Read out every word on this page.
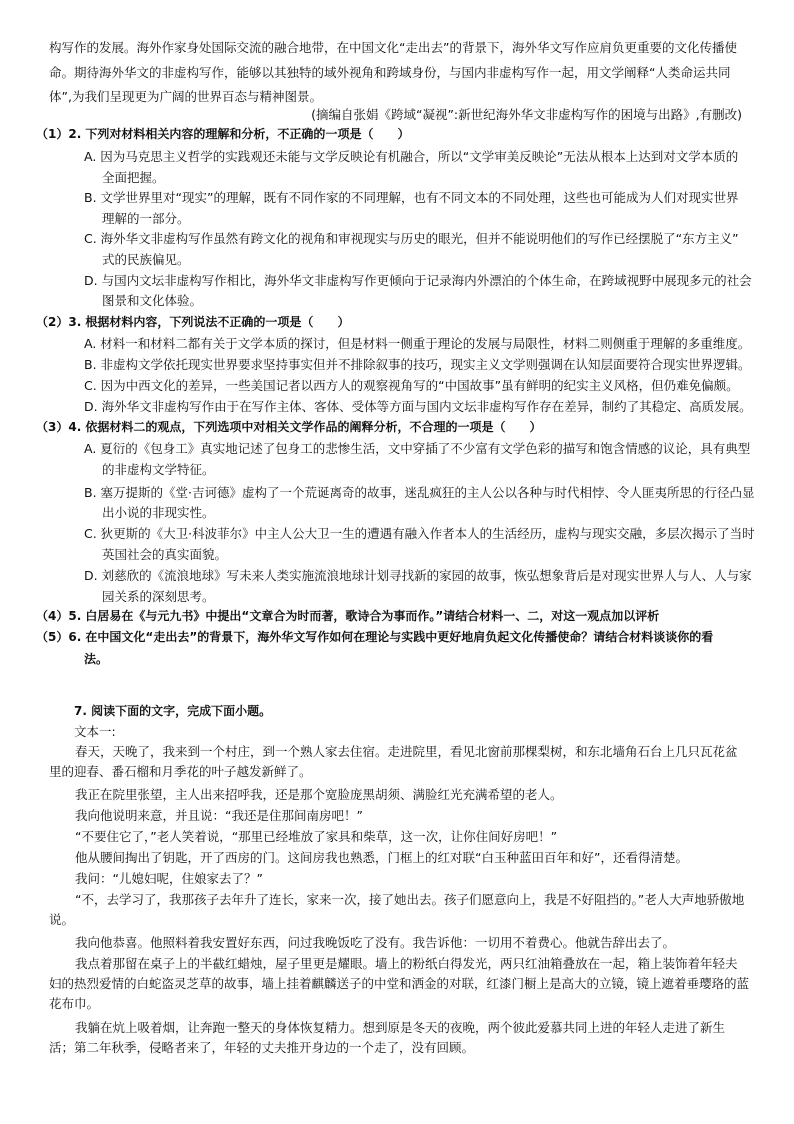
构写作的发展。海外作家身处国际交流的融合地带，在中国文化“走出去”的背景下，海外华文写作应肩负更重要的文化传播使
命。期待海外华文的非虚构写作，能够以其独特的域外视角和跨域身份，与国内非虚构写作一起，用文学阐释“人类命运共同
体”,为我们呈现更为广阔的世界百态与精神图景。
(摘编自张娟《跨域“凝视”:新世纪海外华文非虚构写作的困境与出路》,有删改)
（1）2. 下列对材料相关内容的理解和分析，不正确的一项是（　　）
A. 因为马克思主义哲学的实践观还未能与文学反映论有机融合，所以“文学审美反映论”无法从根本上达到对文学本质的
全面把握。
B. 文学世界里对“现实”的理解，既有不同作家的不同理解，也有不同文本的不同处理，这些也可能成为人们对现实世界
理解的一部分。
C. 海外华文非虚构写作虽然有跨文化的视角和审视现实与历史的眼光，但并不能说明他们的写作已经摆脱了“东方主义”
式的民族偏见。
D. 与国内文坛非虚构写作相比，海外华文非虚构写作更倾向于记录海内外漂泊的个体生命，在跨域视野中展现多元的社会
图景和文化体验。
（2）3. 根据材料内容，下列说法不正确的一项是（　　）
A. 材料一和材料二都有关于文学本质的探讨，但是材料一侧重于理论的发展与局限性，材料二则侧重于理解的多重维度。
B. 非虚构文学依托现实世界要求坚持事实但并不排除叙事的技巧，现实主义文学则强调在认知层面要符合现实世界逻辑。
C. 因为中西文化的差异，一些美国记者以西方人的观察视角写的“中国故事”虽有鲜明的纪实主义风格，但仍难免偏颇。
D. 海外华文非虚构写作由于在写作主体、客体、受体等方面与国内文坛非虚构写作存在差异，制约了其稳定、高质发展。
（3）4. 依据材料二的观点，下列选项中对相关文学作品的阐释分析，不合理的一项是（　　）
A. 夏衍的《包身工》真实地记述了包身工的悲惨生活，文中穿插了不少富有文学色彩的描写和饱含情感的议论，具有典型
的非虚构文学特征。
B. 塞万提斯的《堂·吉诃德》虚构了一个荒诞离奇的故事，迷乱疯狂的主人公以各种与时代相悖、令人匪夷所思的行径凸显
出小说的非现实性。
C. 狄更斯的《大卫·科波菲尔》中主人公大卫一生的遭遇有融入作者本人的生活经历，虚构与现实交融，多层次揭示了当时
英国社会的真实面貌。
D. 刘慈欣的《流浪地球》写未来人类实施流浪地球计划寻找新的家园的故事，恢弘想象背后是对现实世界人与人、人与家
园关系的深刻思考。
（4）5. 白居易在《与元九书》中提出“文章合为时而著，歌诗合为事而作。”请结合材料一、二，对这一观点加以评析
（5）6. 在中国文化“走出去”的背景下，海外华文写作如何在理论与实践中更好地肩负起文化传播使命？请结合材料谈谈你的看
法。
7. 阅读下面的文字，完成下面小题。
文本一:
春天，天晚了，我来到一个村庄，到一个熟人家去住宿。走进院里，看见北窗前那棵梨树，和东北墙角石台上几只瓦花盆里的迎春、番石榴和月季花的叶子越发新鲜了。
我正在院里张望，主人出来招呼我，还是那个宽脸庞黑胡须、满脸红光充满希望的老人。
我向他说明来意，并且说：“我还是住那间南房吧！”
“不要住它了，”老人笑着说，“那里已经堆放了家具和柴草，这一次，让你住间好房吧！”
他从腰间掏出了钥匙，开了西房的门。这间房我也熟悉，门框上的红对联“白玉种蓝田百年和好”，还看得清楚。
我问：“儿媳妇呢，住娘家去了？”
“不，去学习了，我那孩子去年升了连长，家来一次，接了她出去。孩子们愿意向上，我是不好阻挡的。”老人大声地骄傲地说。
我向他恭喜。他照料着我安置好东西，问过我晚饭吃了没有。我告诉他：一切用不着费心。他就告辞出去了。
我点着那留在桌子上的半截红蜡烛，屋子里更是耀眼。墙上的粉纸白得发光，两只红油箱叠放在一起，箱上装饰着年轻夫妇的热烈爱情的白蛇盗灵芝草的故事，墙上挂着麒麟送子的中堂和洒金的对联，红漆门橱上是高大的立镜，镜上遮着垂璎珞的蓝花布巾。
我躺在炕上吸着烟，让奔跑一整天的身体恢复精力。想到原是冬天的夜晚，两个彼此爱慕共同上进的年轻人走进了新生活；第二年秋季，侵略者来了，年轻的丈夫推开身边的一个走了，没有回顾。
